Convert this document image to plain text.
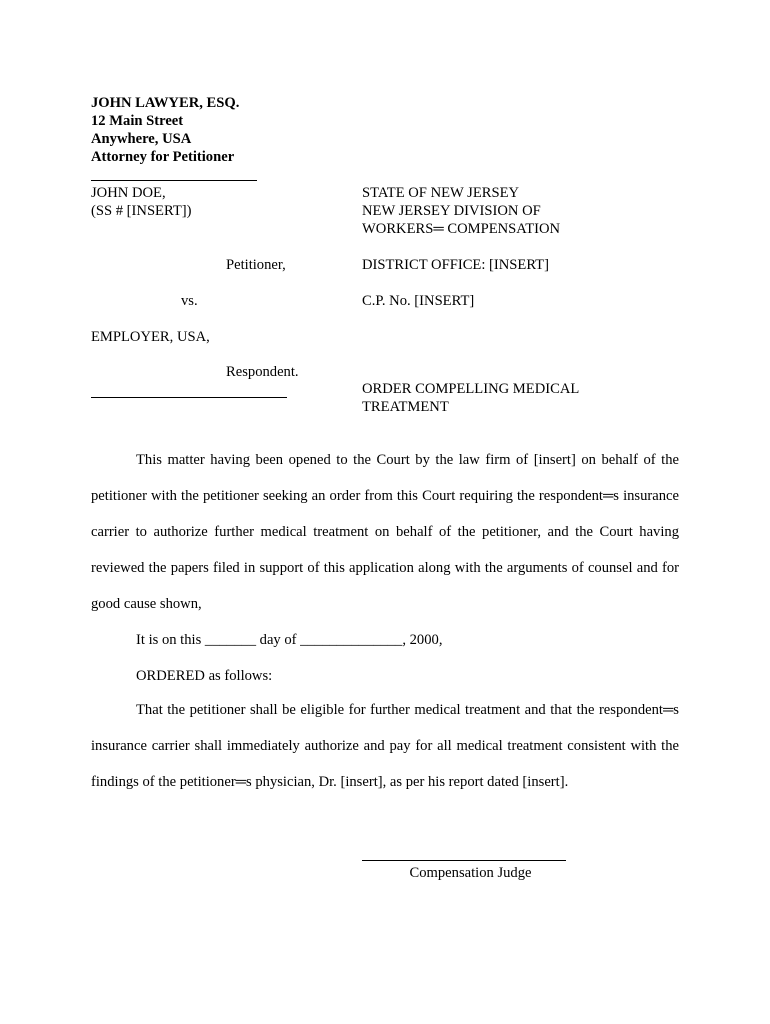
JOHN LAWYER, ESQ.
12 Main Street
Anywhere, USA
Attorney for Petitioner
JOHN DOE,
(SS # [INSERT])
Petitioner,
vs.
EMPLOYER, USA,
Respondent.
STATE OF NEW JERSEY
NEW JERSEY DIVISION OF
WORKERS═ COMPENSATION
DISTRICT OFFICE: [INSERT]
C.P. No. [INSERT]
ORDER COMPELLING MEDICAL
TREATMENT
This matter having been opened to the Court by the law firm of [insert] on behalf of the petitioner with the petitioner seeking an order from this Court requiring the respondent═s insurance carrier to authorize further medical treatment on behalf of the petitioner, and the Court having reviewed the papers filed in support of this application along with the arguments of counsel and for good cause shown,
It is on this _______ day of ______________, 2000,
ORDERED as follows:
That the petitioner shall be eligible for further medical treatment and that the respondent═s insurance carrier shall immediately authorize and pay for all medical treatment consistent with the findings of the petitioner═s physician, Dr. [insert], as per his report dated [insert].
Compensation Judge
